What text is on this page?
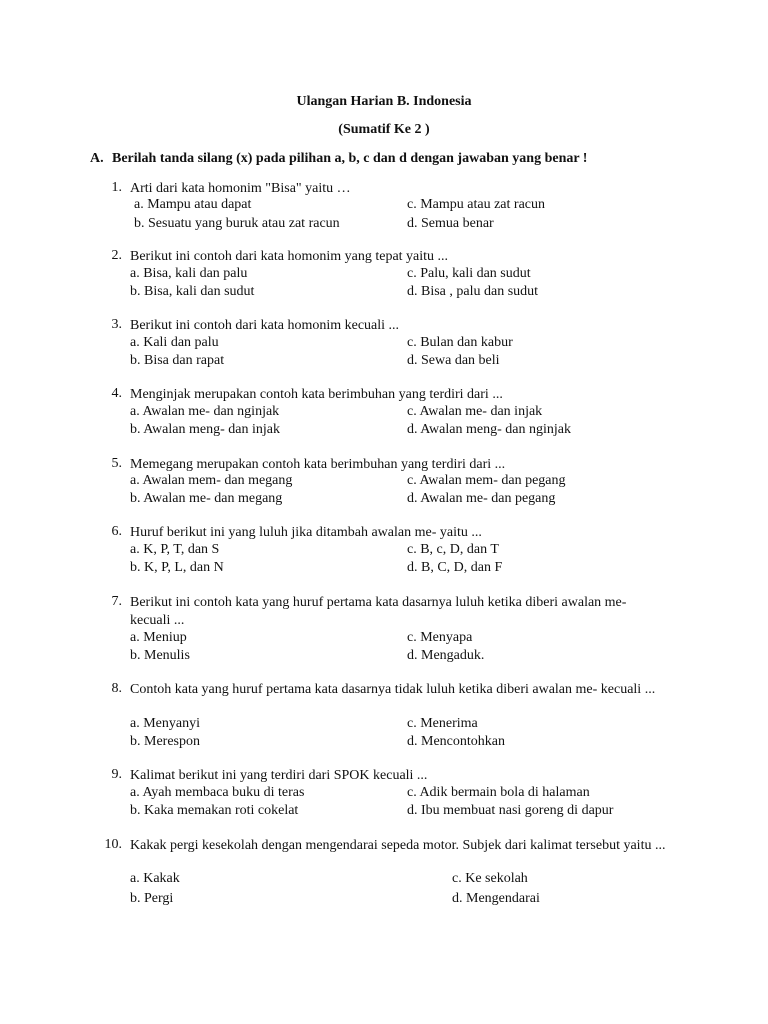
Ulangan Harian B. Indonesia
(Sumatif Ke 2 )
A. Berilah tanda silang (x) pada pilihan a, b, c dan d dengan jawaban yang benar !
1. Arti dari kata homonim "Bisa" yaitu …
a. Mampu atau dapat
b. Sesuatu yang buruk atau zat racun
c. Mampu atau zat racun
d. Semua benar
2. Berikut ini contoh dari kata homonim yang tepat yaitu ...
a. Bisa, kali dan palu
b. Bisa, kali dan sudut
c. Palu, kali dan sudut
d. Bisa , palu dan sudut
3. Berikut ini contoh dari kata homonim kecuali ...
a. Kali dan palu
b. Bisa dan rapat
c. Bulan dan kabur
d. Sewa dan beli
4. Menginjak merupakan contoh kata berimbuhan yang terdiri dari ...
a. Awalan me- dan nginjak
b. Awalan meng- dan injak
c. Awalan me- dan injak
d. Awalan meng- dan nginjak
5. Memegang merupakan contoh kata berimbuhan yang terdiri dari ...
a. Awalan mem- dan megang
b. Awalan me- dan megang
c. Awalan mem- dan pegang
d. Awalan me- dan pegang
6. Huruf berikut ini yang luluh jika ditambah awalan me- yaitu ...
a. K, P, T, dan S
b. K, P, L, dan N
c. B, c, D, dan T
d. B, C, D, dan F
7. Berikut ini contoh kata yang huruf pertama kata dasarnya luluh ketika diberi awalan me- kecuali ...
a. Meniup
b. Menulis
c. Menyapa
d. Mengaduk.
8. Contoh kata yang huruf pertama kata dasarnya tidak luluh ketika diberi awalan me- kecuali ...
a. Menyanyi
b. Merespon
c. Menerima
d. Mencontohkan
9. Kalimat berikut ini yang terdiri dari SPOK kecuali ...
a. Ayah membaca buku di teras
b. Kaka memakan roti cokelat
c. Adik bermain bola di halaman
d. Ibu membuat nasi goreng di dapur
10. Kakak pergi kesekolah dengan mengendarai sepeda motor. Subjek dari kalimat tersebut yaitu ...
a. Kakak
b. Pergi
c. Ke sekolah
d. Mengendarai
